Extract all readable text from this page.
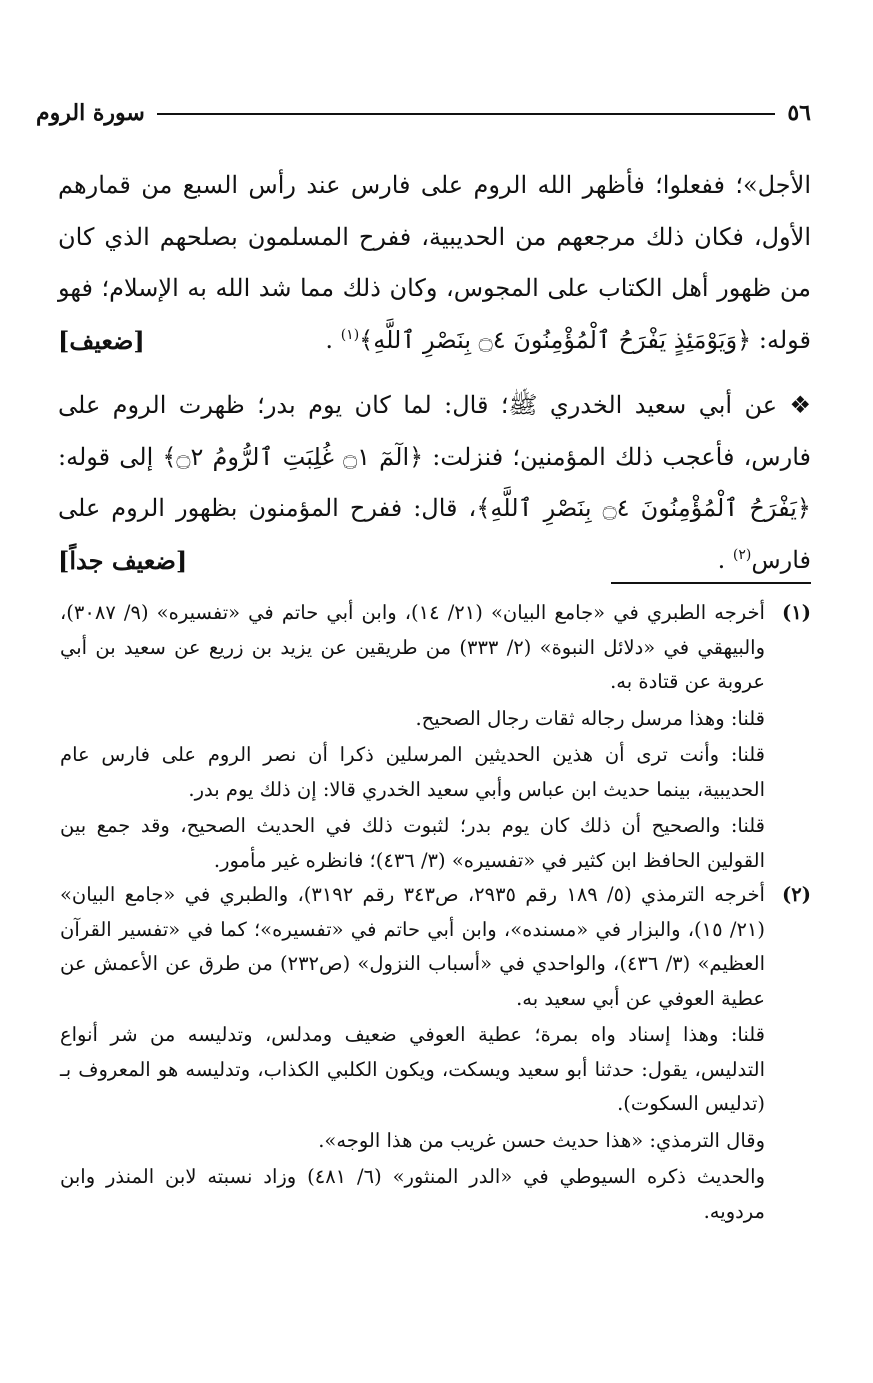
٥٦
سورة الروم

الأجل»؛ ففعلوا؛ فأظهر الله الروم على فارس عند رأس السبع من قمارهم الأول، فكان ذلك مرجعهم من الحديبية، ففرح المسلمون بصلحهم الذي كان من ظهور أهل الكتاب على المجوس، وكان ذلك مما شد الله به الإسلام؛ فهو قوله: ﴿وَيَوْمَئِذٍ يَفْرَحُ ٱلْمُؤْمِنُونَ ۝٤ بِنَصْرِ ٱللَّهِ﴾$^{(١)}$ .
[ضعيف]

❖ عن أبي سعيد الخدري ﷺ؛ قال: لما كان يوم بدر؛ ظهرت الروم على فارس، فأعجب ذلك المؤمنين؛ فنزلت: ﴿الٓمٓ ۝١ غُلِبَتِ ٱلرُّومُ ۝٢﴾ إلى قوله: ﴿يَفْرَحُ ٱلْمُؤْمِنُونَ ۝٤ بِنَصْرِ ٱللَّهِ﴾، قال: ففرح المؤمنون بظهور الروم على فارس$^{(٢)}$ .
[ضعيف جداً]

(١)

أخرجه الطبري في «جامع البيان» (٢١/ ١٤)، وابن أبي حاتم في «تفسيره» (٩/ ٣٠٨٧)، والبيهقي في «دلائل النبوة» (٢/ ٣٣٣) من طريقين عن يزيد بن زريع عن سعيد بن أبي عروبة عن قتادة به.

قلنا: وهذا مرسل رجاله ثقات رجال الصحيح.

قلنا: وأنت ترى أن هذين الحديثين المرسلين ذكرا أن نصر الروم على فارس عام الحديبية، بينما حديث ابن عباس وأبي سعيد الخدري قالا: إن ذلك يوم بدر.

قلنا: والصحيح أن ذلك كان يوم بدر؛ لثبوت ذلك في الحديث الصحيح، وقد جمع بين القولين الحافظ ابن كثير في «تفسيره» (٣/ ٤٣٦)؛ فانظره غير مأمور.

(٢)

أخرجه الترمذي (٥/ ١٨٩ رقم ٢٩٣٥، ص٣٤٣ رقم ٣١٩٢)، والطبري في «جامع البيان» (٢١/ ١٥)، والبزار في «مسنده»، وابن أبي حاتم في «تفسيره»؛ كما في «تفسير القرآن العظيم» (٣/ ٤٣٦)، والواحدي في «أسباب النزول» (ص٢٣٢) من طرق عن الأعمش عن عطية العوفي عن أبي سعيد به.

قلنا: وهذا إسناد واه بمرة؛ عطية العوفي ضعيف ومدلس، وتدليسه من شر أنواع التدليس، يقول: حدثنا أبو سعيد ويسكت، ويكون الكلبي الكذاب، وتدليسه هو المعروف بـ (تدليس السكوت).

وقال الترمذي: «هذا حديث حسن غريب من هذا الوجه».

والحديث ذكره السيوطي في «الدر المنثور» (٦/ ٤٨١) وزاد نسبته لابن المنذر وابن مردويه.
